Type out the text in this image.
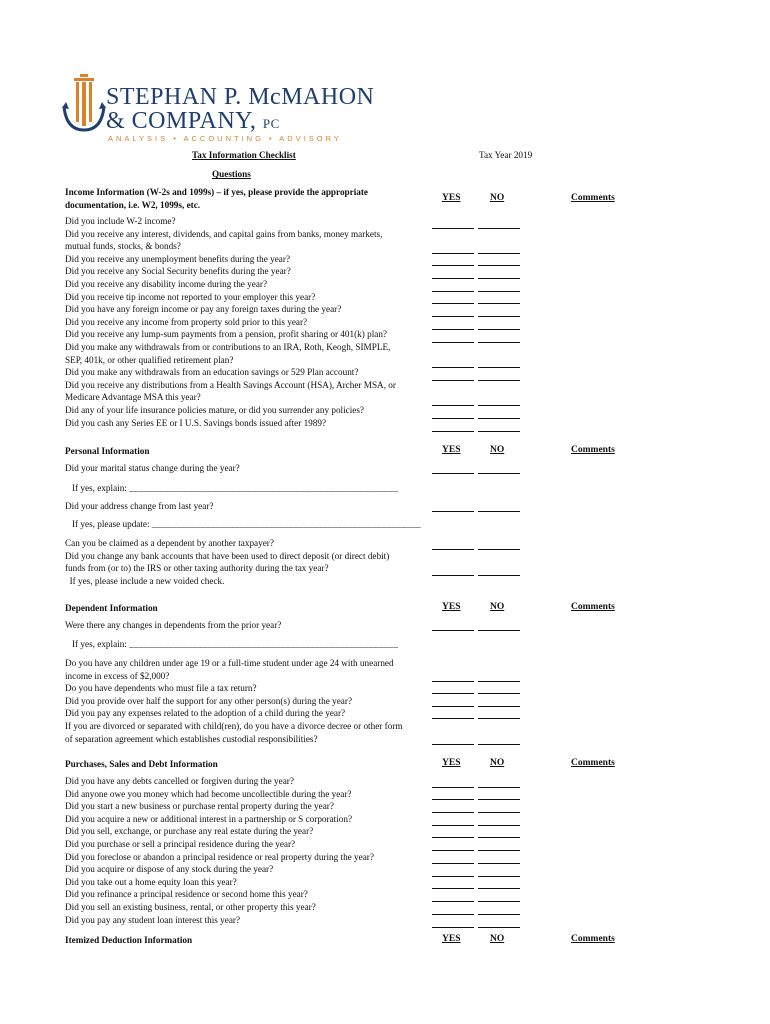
STEPHAN P. McMAHON
& COMPANY, PC
ANALYSIS • ACCOUNTING • ADVISORY
Tax Information Checklist	Tax Year 2019
Questions
Income Information (W-2s and 1099s) – if yes, please provide the appropriate
documentation, i.e. W2, 1099s, etc.
YES	NO	Comments
Did you include W-2 income?
Did you receive any interest, dividends, and capital gains from banks, money markets,
mutual funds, stocks, & bonds?
Did you receive any unemployment benefits during the year?
Did you receive any Social Security benefits during the year?
Did you receive any disability income during the year?
Did you receive tip income not reported to your employer this year?
Did you have any foreign income or pay any foreign taxes during the year?
Did you receive any income from property sold prior to this year?
Did you receive any lump-sum payments from a pension, profit sharing or 401(k) plan?
Did you make any withdrawals from or contributions to an IRA, Roth, Keogh, SIMPLE,
SEP, 401k, or other qualified retirement plan?
Did you make any withdrawals from an education savings or 529 Plan account?
Did you receive any distributions from a Health Savings Account (HSA), Archer MSA, or
Medicare Advantage MSA this year?
Did any of your life insurance policies mature, or did you surrender any policies?
Did you cash any Series EE or I U.S. Savings bonds issued after 1989?
Personal Information	YES	NO	Comments
Did your marital status change during the year?
If yes, explain: _______________________________________________________
Did your address change from last year?
If yes, please update: _______________________________________________________
Can you be claimed as a dependent by another taxpayer?
Did you change any bank accounts that have been used to direct deposit (or direct debit)
funds from (or to) the IRS or other taxing authority during the tax year?
If yes, please include a new voided check.
Dependent Information	YES	NO	Comments
Were there any changes in dependents from the prior year?
If yes, explain: _______________________________________________________
Do you have any children under age 19 or a full-time student under age 24 with unearned
income in excess of $2,000?
Do you have dependents who must file a tax return?
Did you provide over half the support for any other person(s) during the year?
Did you pay any expenses related to the adoption of a child during the year?
If you are divorced or separated with child(ren), do you have a divorce decree or other form
of separation agreement which establishes custodial responsibilities?
Purchases, Sales and Debt Information	YES	NO	Comments
Did you have any debts cancelled or forgiven during the year?
Did anyone owe you money which had become uncollectible during the year?
Did you start a new business or purchase rental property during the year?
Did you acquire a new or additional interest in a partnership or S corporation?
Did you sell, exchange, or purchase any real estate during the year?
Did you purchase or sell a principal residence during the year?
Did you foreclose or abandon a principal residence or real property during the year?
Did you acquire or dispose of any stock during the year?
Did you take out a home equity loan this year?
Did you refinance a principal residence or second home this year?
Did you sell an existing business, rental, or other property this year?
Did you pay any student loan interest this year?
Itemized Deduction Information	YES	NO	Comments
